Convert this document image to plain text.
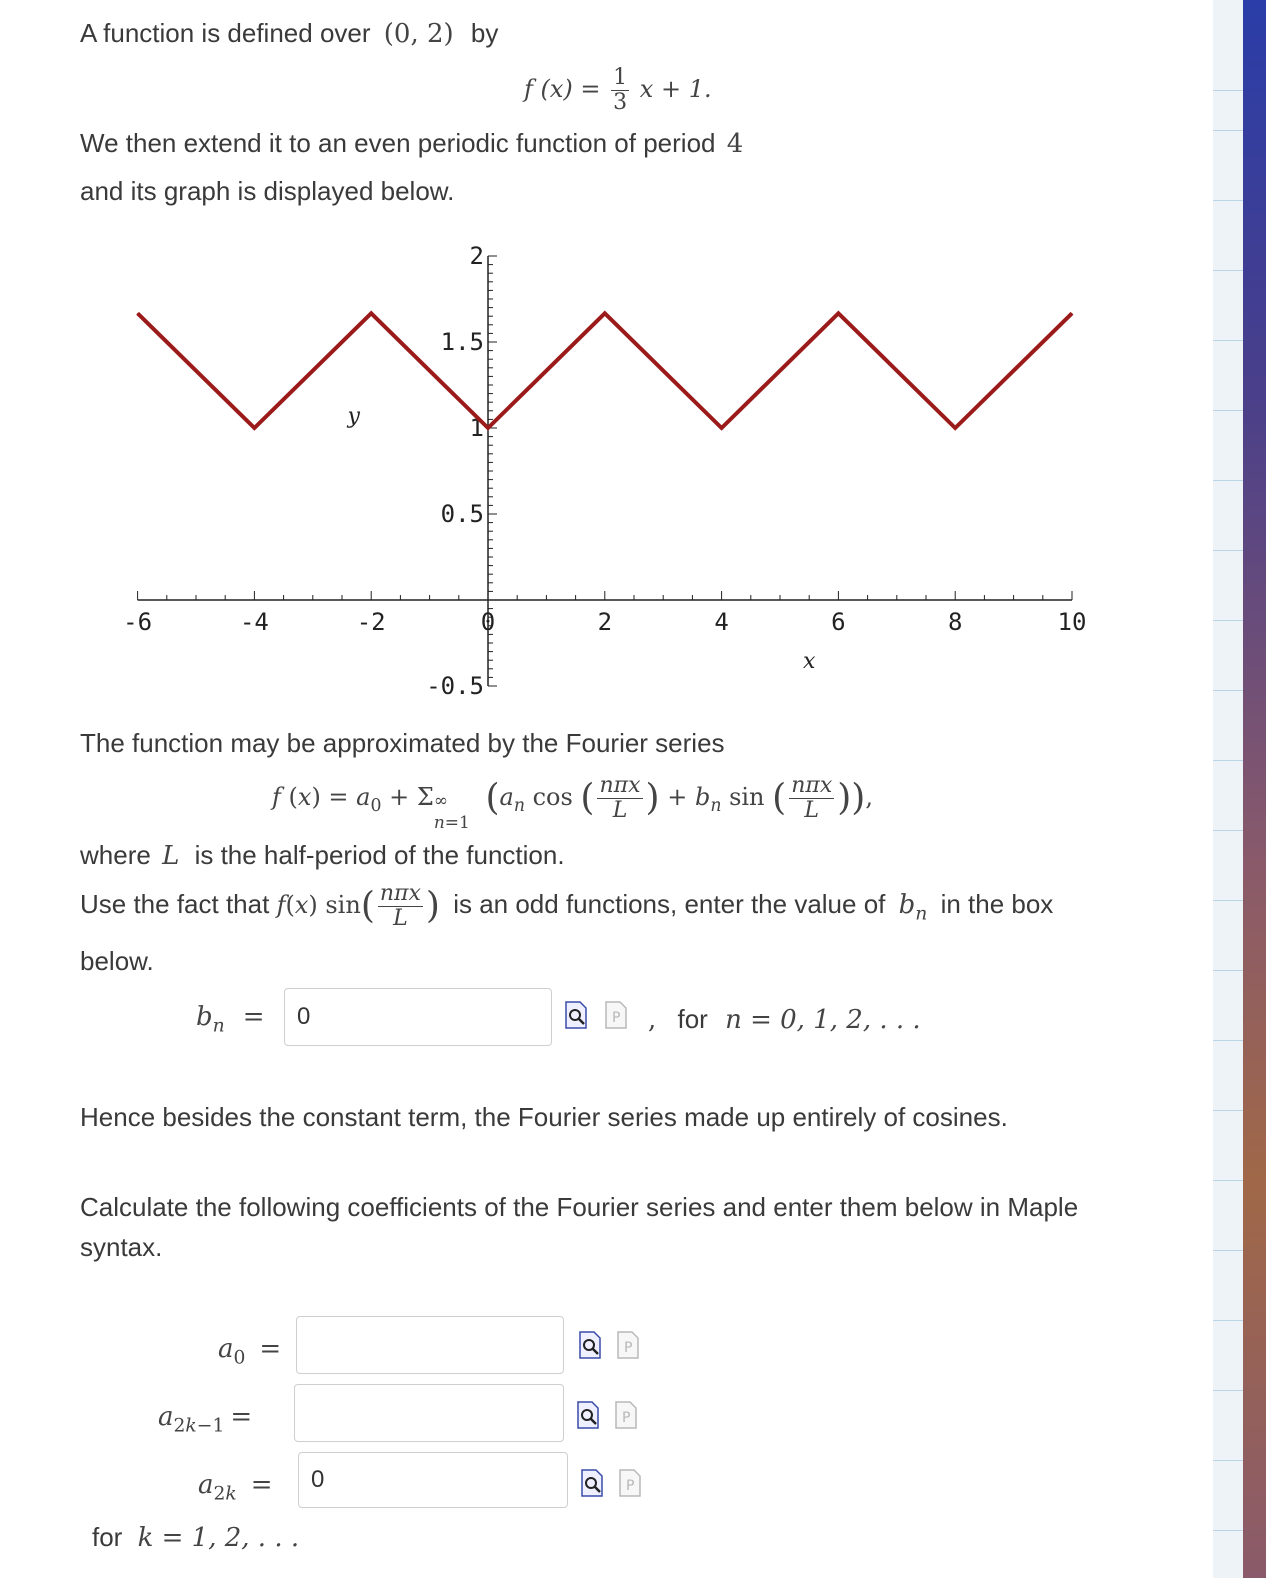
A function is defined over (0, 2) by
f $(x) = \frac{1}{3}$ x + 1.
We then extend it to an even periodic function of period 4
and its graph is displayed below.
-6	-4	-2	0	2	4	6	8	10
2
1.5
1
0.5
-0.5
x
y
The function may be approximated by the Fourier series
f $(x) = a_0 + \Sigma$ ∞
n=1
($a_n$ cos ( $\frac{\text{nπx}}{L}$ ) + $b_n$ sin ( $\frac{\text{nπx}}{L}$ )),
where L is the half-period of the function.
Use the fact that f(x) $\sin( \frac{\text{nπx}}{L}$ ) is an odd functions, enter the value of $b_n$ in the box
below.
$b_n$ =	0	P , for n = 0, 1, 2, . . .
Hence besides the constant term, the Fourier series made up entirely of cosines.
Calculate the following coefficients of the Fourier series and enter them below in Maple
syntax.
$a_0$ =	P
$a_{2k-1}$ =	P
$a_{2k}$ =	0	P
for k = 1, 2, . . .
